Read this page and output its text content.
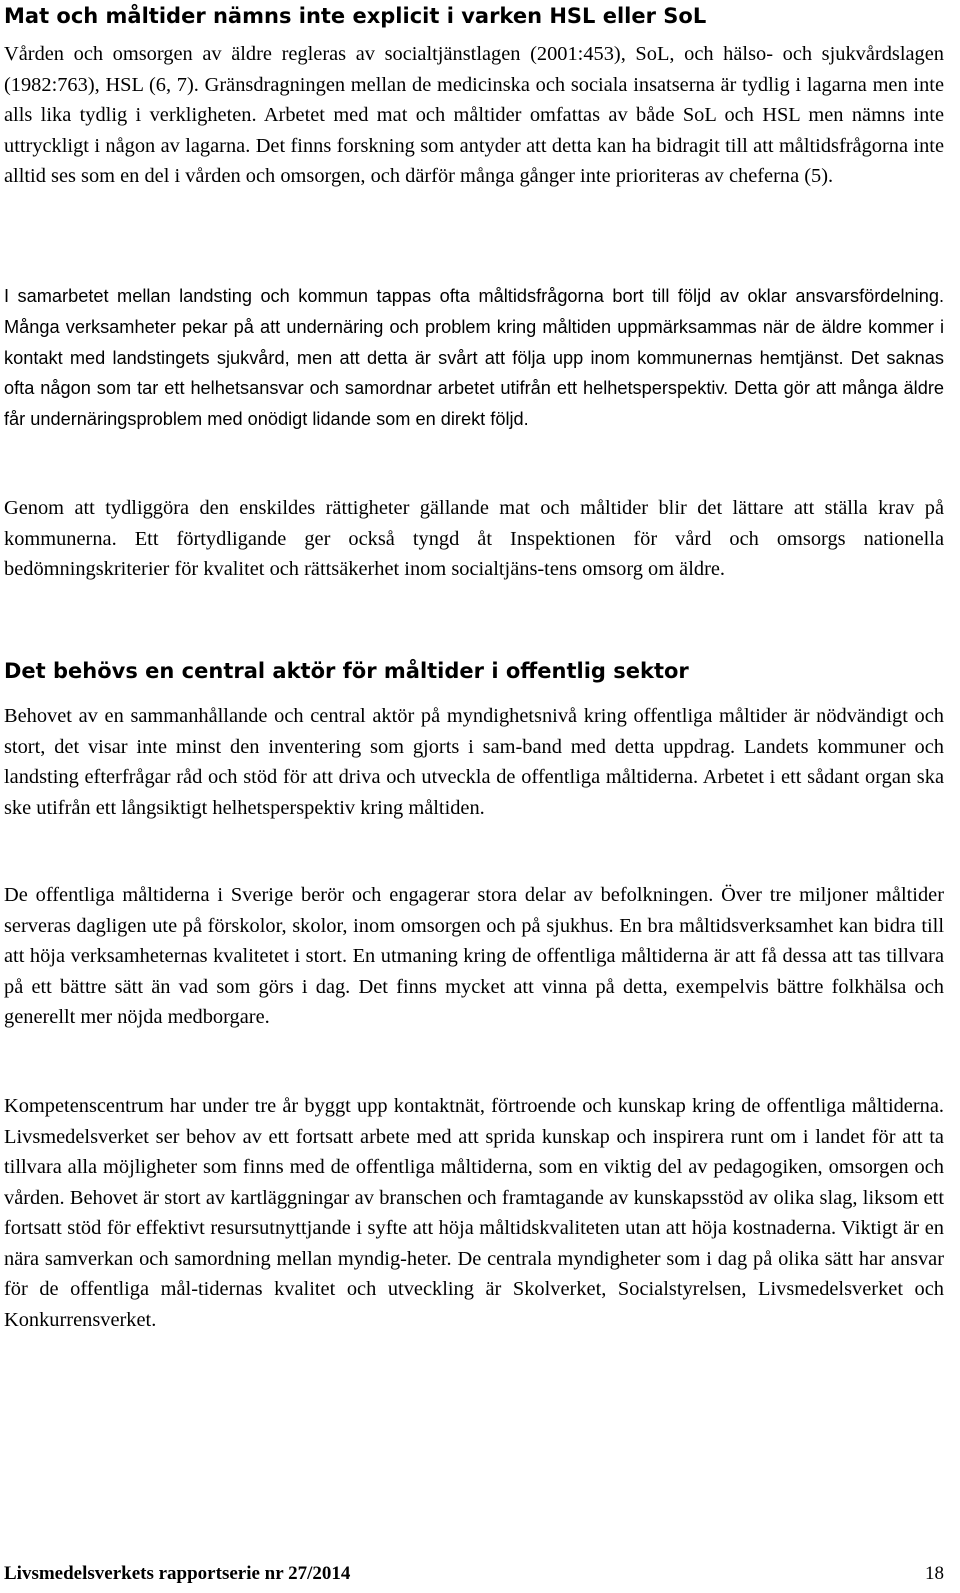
Mat och måltider nämns inte explicit i varken HSL eller SoL

Vården och omsorgen av äldre regleras av socialtjänstlagen (2001:453), SoL, och hälso- och sjukvårdslagen (1982:763), HSL (6, 7). Gränsdragningen mellan de medicinska och sociala insatserna är tydlig i lagarna men inte alls lika tydlig i verkligheten. Arbetet med mat och måltider omfattas av både SoL och HSL men nämns inte uttryckligt i någon av lagarna. Det finns forskning som antyder att detta kan ha bidragit till att måltidsfrågorna inte alltid ses som en del i vården och omsorgen, och därför många gånger inte prioriteras av cheferna (5).

I samarbetet mellan landsting och kommun tappas ofta måltidsfrågorna bort till följd av oklar ansvarsfördelning. Många verksamheter pekar på att undernäring och problem kring måltiden uppmärksammas när de äldre kommer i kontakt med landstingets sjukvård, men att detta är svårt att följa upp inom kommunernas hemtjänst. Det saknas ofta någon som tar ett helhetsansvar och samordnar arbetet utifrån ett helhetsperspektiv. Detta gör att många äldre får undernäringsproblem med onödigt lidande som en direkt följd.

Genom att tydliggöra den enskildes rättigheter gällande mat och måltider blir det lättare att ställa krav på kommunerna. Ett förtydligande ger också tyngd åt Inspektionen för vård och omsorgs nationella bedömningskriterier för kvalitet och rättsäkerhet inom socialtjäns-tens omsorg om äldre.

Det behövs en central aktör för måltider i offentlig sektor

Behovet av en sammanhållande och central aktör på myndighetsnivå kring offentliga måltider är nödvändigt och stort, det visar inte minst den inventering som gjorts i sam-band med detta uppdrag. Landets kommuner och landsting efterfrågar råd och stöd för att driva och utveckla de offentliga måltiderna. Arbetet i ett sådant organ ska ske utifrån ett långsiktigt helhetsperspektiv kring måltiden.

De offentliga måltiderna i Sverige berör och engagerar stora delar av befolkningen. Över tre miljoner måltider serveras dagligen ute på förskolor, skolor, inom omsorgen och på sjukhus. En bra måltidsverksamhet kan bidra till att höja verksamheternas kvalitetet i stort. En utmaning kring de offentliga måltiderna är att få dessa att tas tillvara på ett bättre sätt än vad som görs i dag. Det finns mycket att vinna på detta, exempelvis bättre folkhälsa och generellt mer nöjda medborgare.

Kompetenscentrum har under tre år byggt upp kontaktnät, förtroende och kunskap kring de offentliga måltiderna. Livsmedelsverket ser behov av ett fortsatt arbete med att sprida kunskap och inspirera runt om i landet för att ta tillvara alla möjligheter som finns med de offentliga måltiderna, som en viktig del av pedagogiken, omsorgen och vården. Behovet är stort av kartläggningar av branschen och framtagande av kunskapsstöd av olika slag, liksom ett fortsatt stöd för effektivt resursutnyttjande i syfte att höja måltidskvaliteten utan att höja kostnaderna. Viktigt är en nära samverkan och samordning mellan myndig-heter. De centrala myndigheter som i dag på olika sätt har ansvar för de offentliga mål-tidernas kvalitet och utveckling är Skolverket, Socialstyrelsen, Livsmedelsverket och Konkurrensverket.

Livsmedelsverkets rapportserie nr 27/2014	18
